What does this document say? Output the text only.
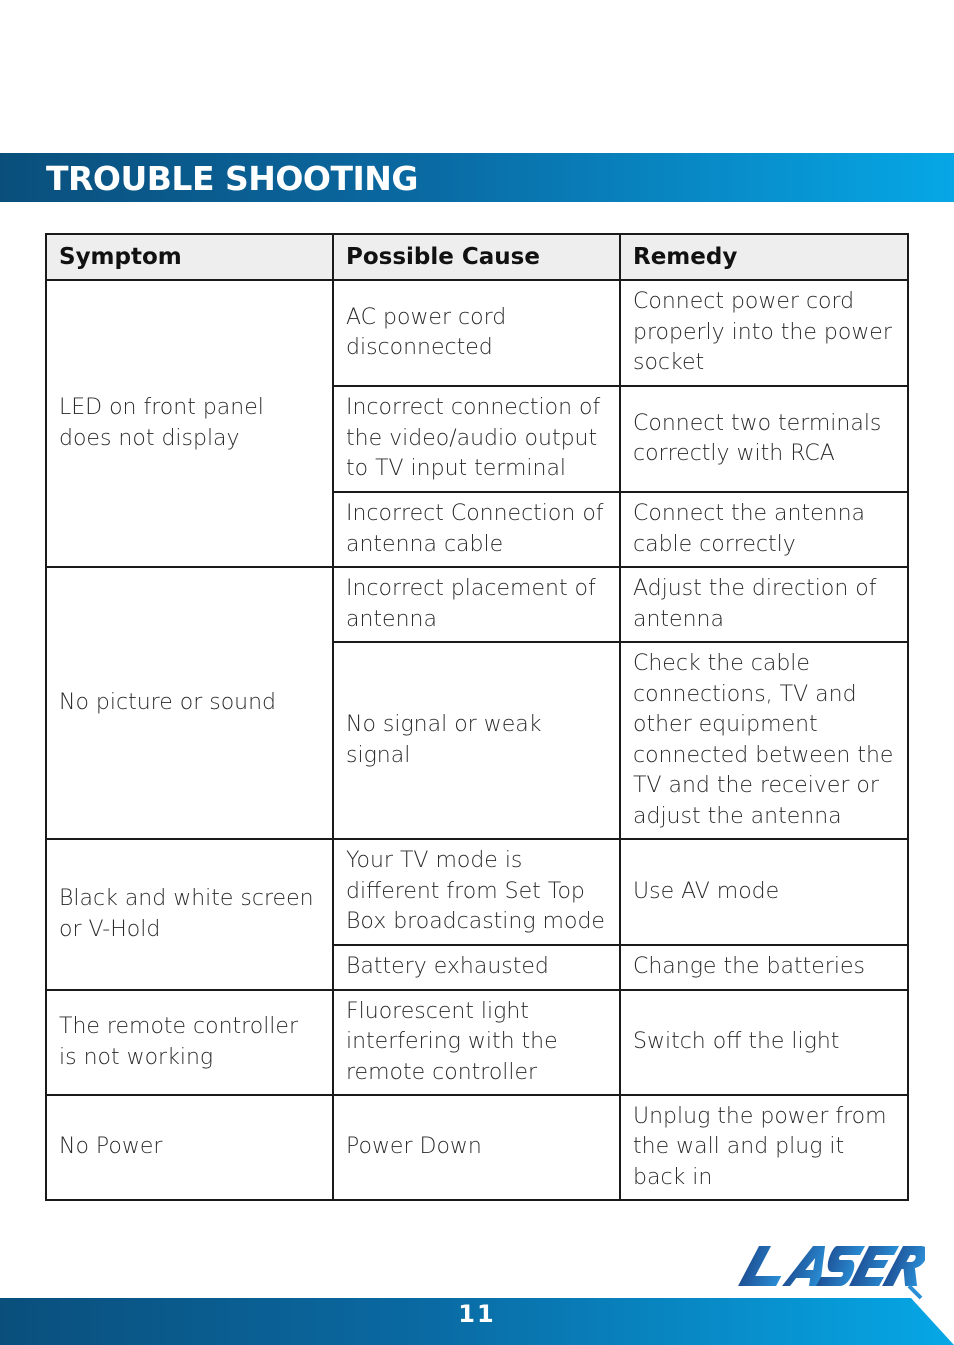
TROUBLE SHOOTING
Symptom	Possible Cause	Remedy
LED on front panel does not display	AC power cord disconnected	Connect power cord properly into the power socket
	Incorrect connection of the video/audio output to TV input terminal	Connect two terminals correctly with RCA
	Incorrect Connection of antenna cable	Connect the antenna cable correctly
No picture or sound	Incorrect placement of antenna	Adjust the direction of antenna
	No signal or weak signal	Check the cable connections, TV and other equipment connected between the TV and the receiver or adjust the antenna
Black and white screen or V-Hold	Your TV mode is different from Set Top Box broadcasting mode	Use AV mode
	Battery exhausted	Change the batteries
The remote controller is not working	Fluorescent light interfering with the remote controller	Switch off the light
No Power	Power Down	Unplug the power from the wall and plug it back in
11
